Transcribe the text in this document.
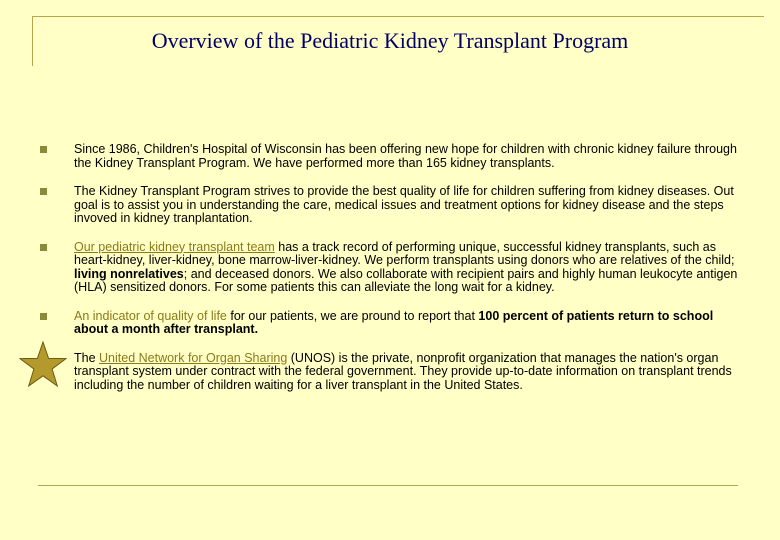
Overview of the Pediatric Kidney Transplant Program
Since 1986, Children's Hospital of Wisconsin has been offering new hope for children with chronic kidney failure through the Kidney Transplant Program. We have performed more than 165 kidney transplants.
The Kidney Transplant Program strives to provide the best quality of life for children suffering from kidney diseases. Out goal is to assist you in understanding the care, medical issues and treatment options for kidney disease and the steps invoved in kidney tranplantation.
Our pediatric kidney transplant team has a track record of performing unique, successful kidney transplants, such as heart-kidney, liver-kidney, bone marrow-liver-kidney. We perform transplants using donors who are relatives of the child; living nonrelatives; and deceased donors. We also collaborate with recipient pairs and highly human leukocyte antigen (HLA) sensitized donors. For some patients this can alleviate the long wait for a kidney.
An indicator of quality of life for our patients, we are pround to report that 100 percent of patients return to school about a month after transplant.
The United Network for Organ Sharing (UNOS) is the private, nonprofit organization that manages the nation's organ transplant system under contract with the federal government. They provide up-to-date information on transplant trends including the number of children waiting for a liver transplant in the United States.
